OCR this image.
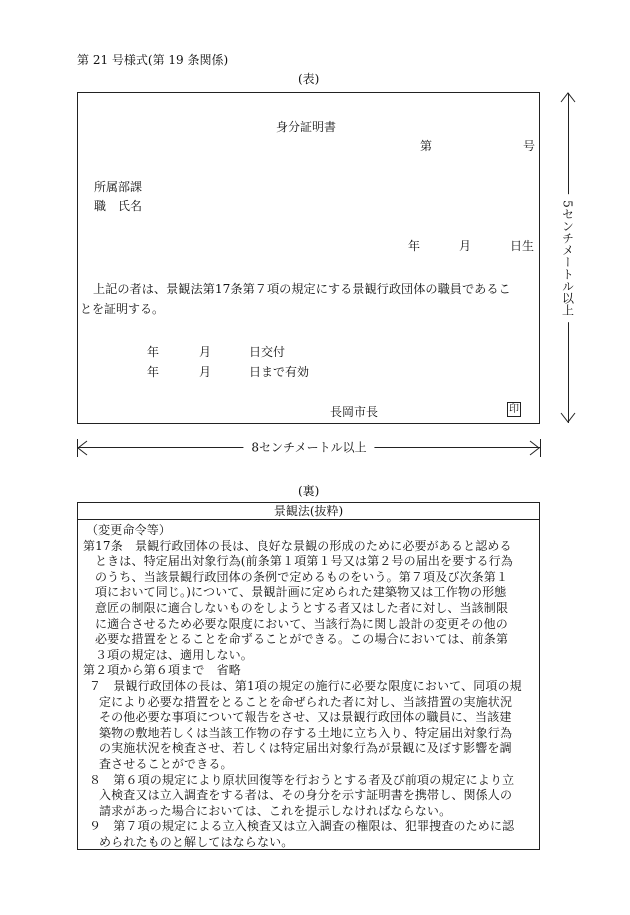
第 21 号様式(第 19 条関係)
(表)
身分証明書
第	号
所属部課
職　氏名
年	月	日生
上記の者は、景観法第17条第７項の規定にする景観行政団体の職員であるこ
とを証明する。
年	月	日交付
年	月	日まで有効
長岡市長	印
5センチメートル以上
8センチメートル以上
(裏)
景観法(抜粋)

（変更命令等）

第17条　景観行政団体の長は、良好な景観の形成のために必要があると認める

ときは、特定届出対象行為(前条第１項第１号又は第２号の届出を要する行為

のうち、当該景観行政団体の条例で定めるものをいう。第７項及び次条第１

項において同じ。)について、景観計画に定められた建築物又は工作物の形態

意匠の制限に適合しないものをしようとする者又はした者に対し、当該制限

に適合させるため必要な限度において、当該行為に関し設計の変更その他の

必要な措置をとることを命ずることができる。この場合においては、前条第

３項の規定は、適用しない。

第２項から第６項まで　省略

７　景観行政団体の長は、第1項の規定の施行に必要な限度において、同項の規

定により必要な措置をとることを命ぜられた者に対し、当該措置の実施状況

その他必要な事項について報告をさせ、又は景観行政団体の職員に、当該建

築物の敷地若しくは当該工作物の存する土地に立ち入り、特定届出対象行為

の実施状況を検査させ、若しくは特定届出対象行為が景観に及ぼす影響を調

査させることができる。

８　第６項の規定により原状回復等を行おうとする者及び前項の規定により立

入検査又は立入調査をする者は、その身分を示す証明書を携帯し、関係人の

請求があった場合においては、これを提示しなければならない。

９　第７項の規定による立入検査又は立入調査の権限は、犯罪捜査のために認

められたものと解してはならない。
